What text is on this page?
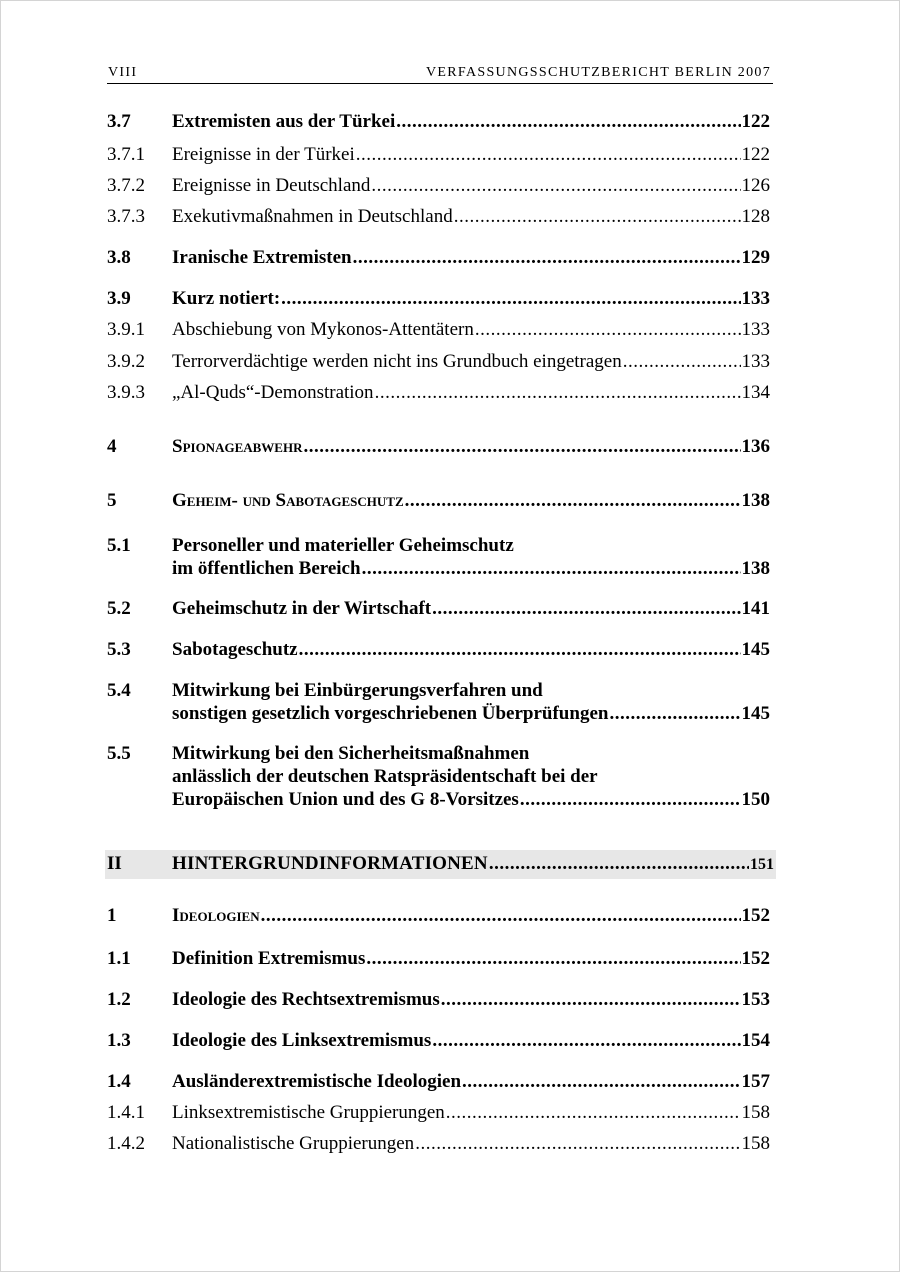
VIII	VERFASSUNGSSCHUTZBERICHT BERLIN 2007
3.7 Extremisten aus der Türkei .....	122
3.7.1 Ereignisse in der Türkei .....	122
3.7.2 Ereignisse in Deutschland .....	126
3.7.3 Exekutivmaßnahmen in Deutschland .....	128
3.8 Iranische Extremisten .....	129
3.9 Kurz notiert: .....	133
3.9.1 Abschiebung von Mykonos-Attentätern .....	133
3.9.2 Terrorverdächtige werden nicht ins Grundbuch eingetragen .....	133
3.9.3 „Al-Quds“-Demonstration .....	134
4	Spionageabwehr .....	136
5	Geheim- und Sabotageschutz .....	138
5.1 Personeller und materieller Geheimschutz
im öffentlichen Bereich .....	138
5.2 Geheimschutz in der Wirtschaft .....	141
5.3 Sabotageschutz .....	145
5.4 Mitwirkung bei Einbürgerungsverfahren und
sonstigen gesetzlich vorgeschriebenen Überprüfungen .....	145
5.5 Mitwirkung bei den Sicherheitsmaßnahmen
anlässlich der deutschen Ratspräsidentschaft bei der
Europäischen Union und des G 8-Vorsitzes .....	150
II	HINTERGRUNDINFORMATIONEN .....	151
1	Ideologien .....	152
1.1 Definition Extremismus .....	152
1.2 Ideologie des Rechtsextremismus .....	153
1.3 Ideologie des Linksextremismus .....	154
1.4 Ausländerextremistische Ideologien .....	157
1.4.1 Linksextremistische Gruppierungen .....	158
1.4.2 Nationalistische Gruppierungen .....	158
